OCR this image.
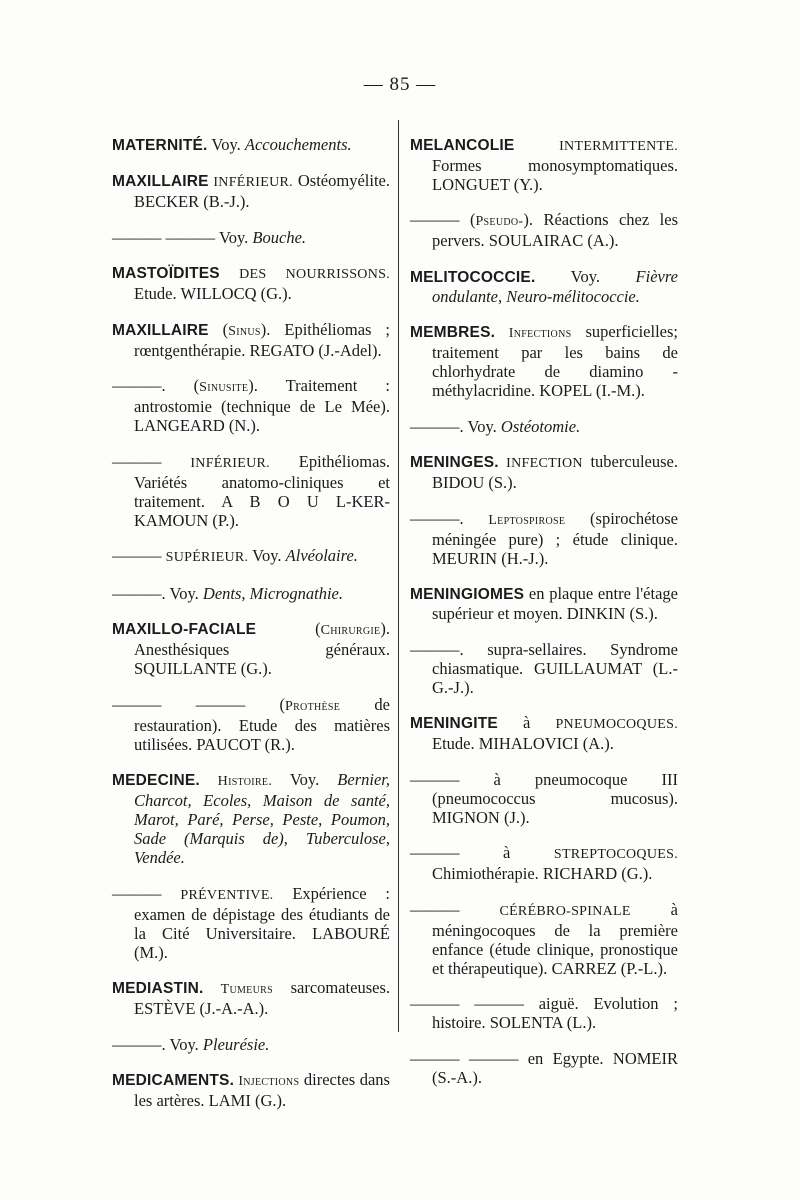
— 85 —

MATERNITÉ. Voy. Accouchements.

MAXILLAIRE INFÉRIEUR. Ostéomyélite. BECKER (B.-J.).

——— ——— Voy. Bouche.

MASTOÏDITES DES NOURRISSONS. Etude. WILLOCQ (G.).

MAXILLAIRE (Sinus). Epithéliomas ; rœntgenthérapie. REGATO (J.-Adel).

———. (Sinusite). Traitement : antrostomie (technique de Le Mée). LANGEARD (N.).

——— INFÉRIEUR. Epithéliomas. Variétés anatomo-cliniques et traitement. A B O U L-KER-KAMOUN (P.).

——— SUPÉRIEUR. Voy. Alvéolaire.

———. Voy. Dents, Micrognathie.

MAXILLO-FACIALE (Chirurgie). Anesthésiques généraux. SQUILLANTE (G.).

——— ——— (Prothèse de restauration). Etude des matières utilisées. PAUCOT (R.).

MEDECINE. Histoire. Voy. Bernier, Charcot, Ecoles, Maison de santé, Marot, Paré, Perse, Peste, Poumon, Sade (Marquis de), Tuberculose, Vendée.

——— PRÉVENTIVE. Expérience : examen de dépistage des étudiants de la Cité Universitaire. LABOURÉ (M.).

MEDIASTIN. Tumeurs sarcomateuses. ESTÈVE (J.-A.-A.).

———. Voy. Pleurésie.

MEDICAMENTS. Injections directes dans les artères. LAMI (G.).

MELANCOLIE INTERMITTENTE. Formes monosymptomatiques. LONGUET (Y.).

——— (Pseudo-). Réactions chez les pervers. SOULAIRAC (A.).

MELITOCOCCIE. Voy. Fièvre ondulante, Neuro-mélitococcie.

MEMBRES. Infections superficielles; traitement par les bains de chlorhydrate de diamino - méthylacridine. KOPEL (I.-M.).

———. Voy. Ostéotomie.

MENINGES. INFECTION tuberculeuse. BIDOU (S.).

———. Leptospirose (spirochétose méningée pure) ; étude clinique. MEURIN (H.-J.).

MENINGIOMES en plaque entre l'étage supérieur et moyen. DINKIN (S.).

———. supra-sellaires. Syndrome chiasmatique. GUILLAUMAT (L.-G.-J.).

MENINGITE à PNEUMOCOQUES. Etude. MIHALOVICI (A.).

——— à pneumocoque III (pneumococcus mucosus). MIGNON (J.).

——— à STREPTOCOQUES. Chimiothérapie. RICHARD (G.).

——— CÉRÉBRO-SPINALE à méningocoques de la première enfance (étude clinique, pronostique et thérapeutique). CARREZ (P.-L.).

——— ——— aiguë. Evolution ; histoire. SOLENTA (L.).

——— ——— en Egypte. NOMEIR (S.-A.).
